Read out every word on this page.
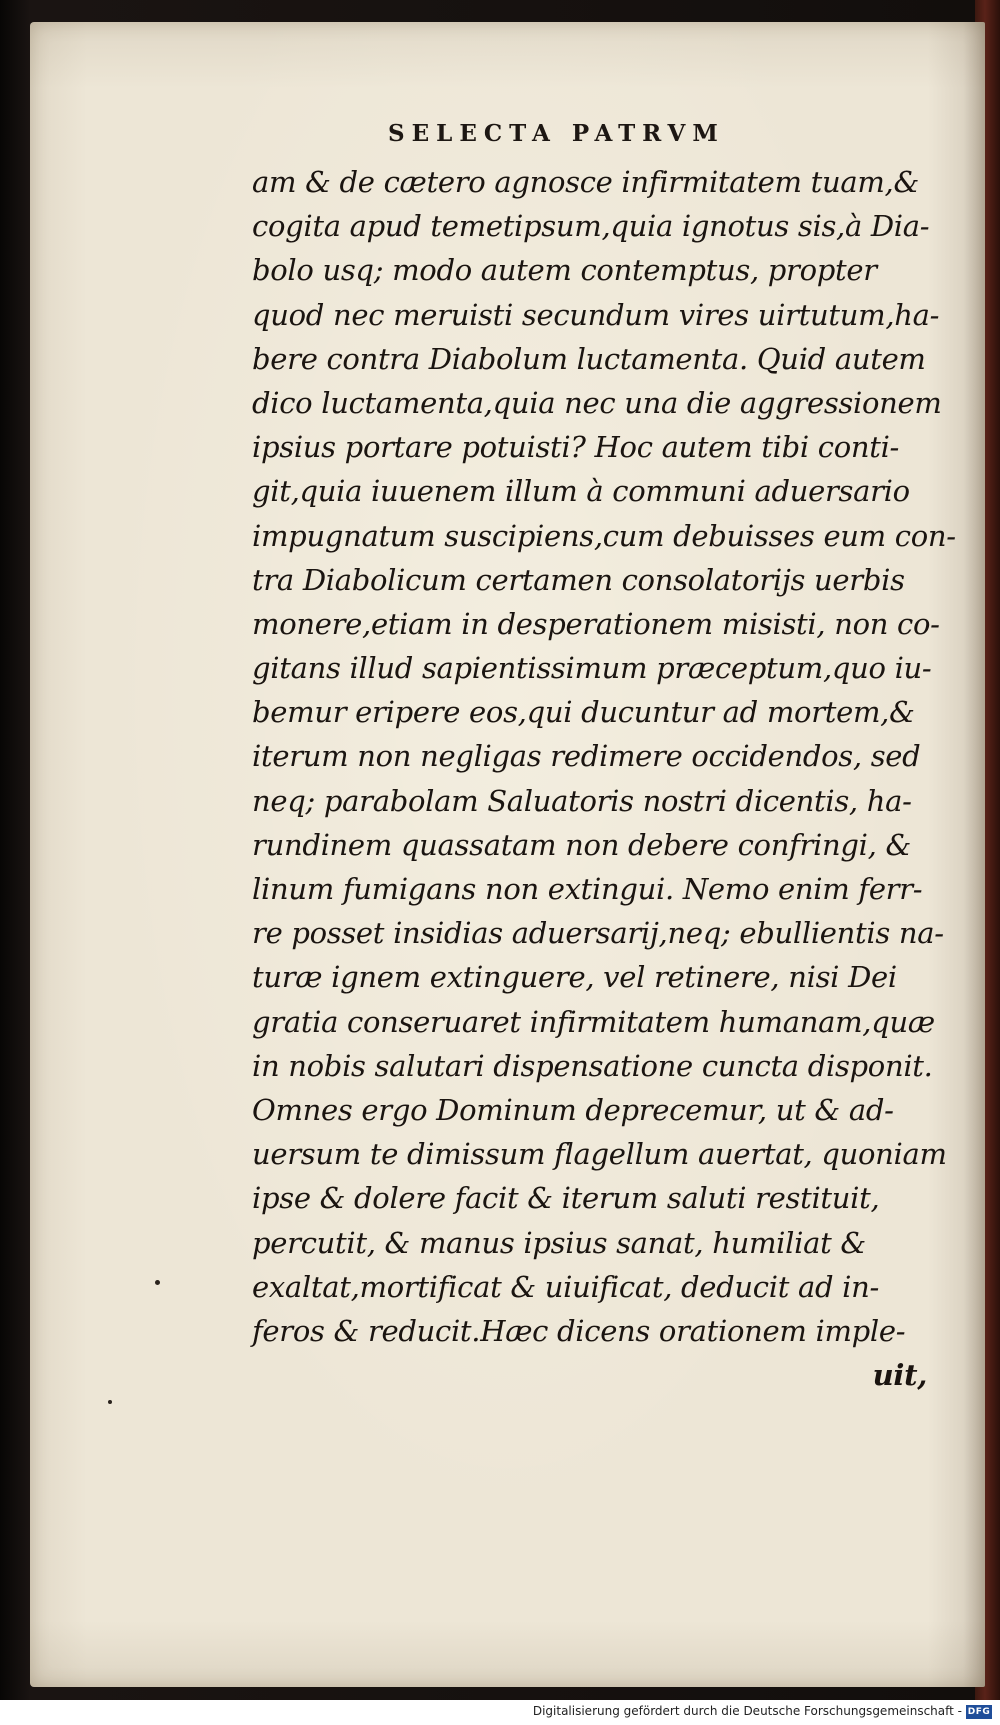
SELECTA PATRVM
am & de cætero agnosce infirmitatem tuam,&
cogita apud temetipsum,quia ignotus sis,à Dia-
bolo usq; modo autem contemptus, propter
quod nec meruisti secundum vires uirtutum,ha-
bere contra Diabolum luctamenta. Quid autem
dico luctamenta,quia nec una die aggressionem
ipsius portare potuisti? Hoc autem tibi conti-
git,quia iuuenem illum à communi aduersario
impugnatum suscipiens,cum debuisses eum con-
tra Diabolicum certamen consolatorijs uerbis
monere,etiam in desperationem misisti, non co-
gitans illud sapientissimum præceptum,quo iu-
bemur eripere eos,qui ducuntur ad mortem,&
iterum non negligas redimere occidendos, sed
neq; parabolam Saluatoris nostri dicentis, ha-
rundinem quassatam non debere confringi, &
linum fumigans non extingui. Nemo enim ferr-
re posset insidias aduersarij,neq; ebullientis na-
turæ ignem extinguere, vel retinere, nisi Dei
gratia conseruaret infirmitatem humanam,quæ
in nobis salutari dispensatione cuncta disponit.
Omnes ergo Dominum deprecemur, ut & ad-
uersum te dimissum flagellum auertat, quoniam
ipse & dolere facit & iterum saluti restituit,
percutit, & manus ipsius sanat, humiliat &
exaltat,mortificat & uiuificat, deducit ad in-
feros & reducit.Hæc dicens orationem imple-
uit,
Digitalisierung gefördert durch die Deutsche Forschungsgemeinschaft - DFG
